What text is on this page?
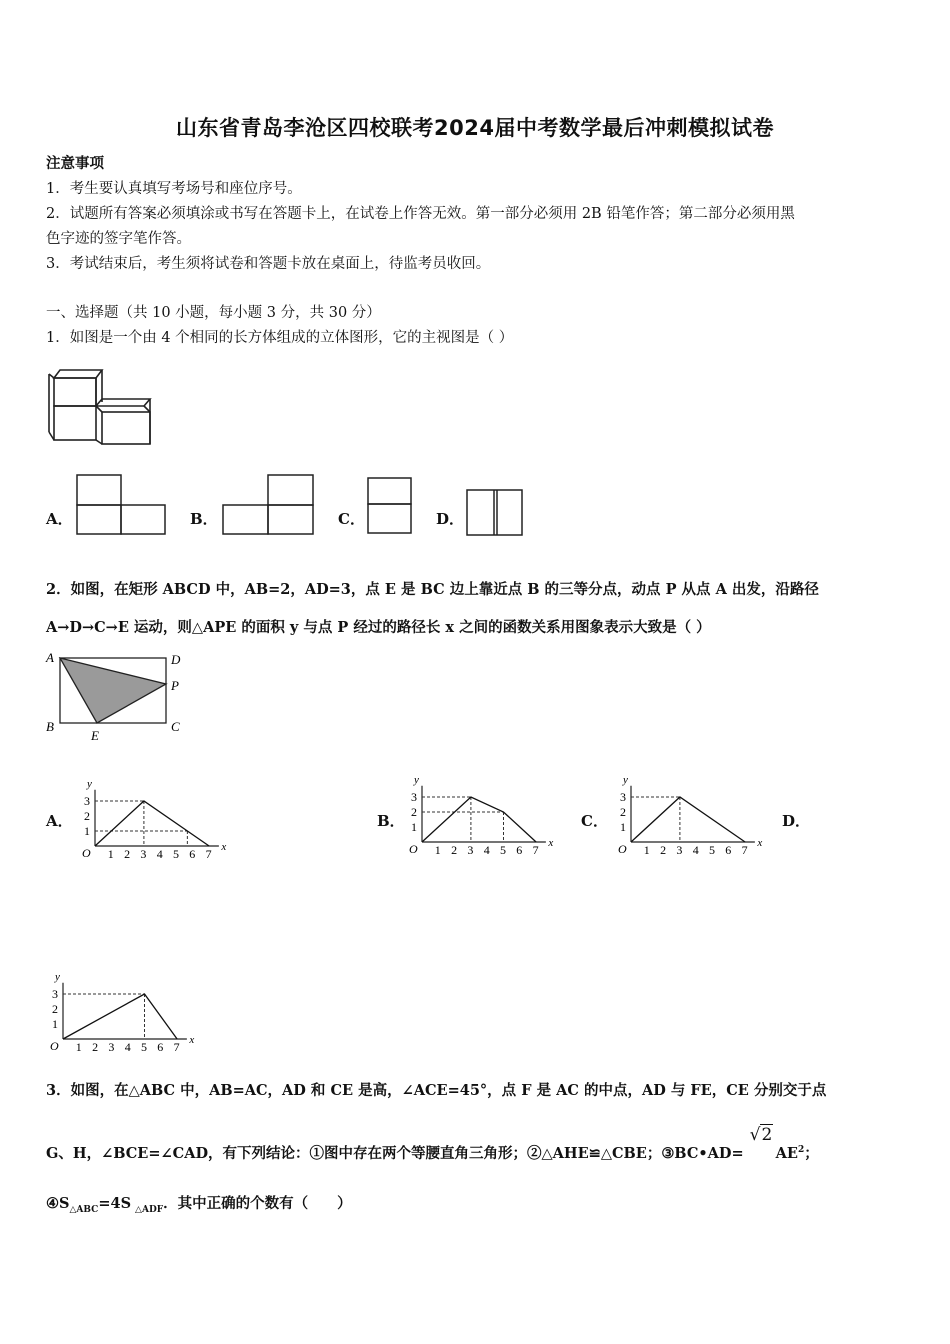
山东省青岛李沧区四校联考2024届中考数学最后冲刺模拟试卷
注意事项
1．考生要认真填写考场号和座位序号。
2．试题所有答案必须填涂或书写在答题卡上，在试卷上作答无效。第一部分必须用 2B 铅笔作答；第二部分必须用黑
色字迹的签字笔作答。
3．考试结束后，考生须将试卷和答题卡放在桌面上，待监考员收回。
一、选择题（共 10 小题，每小题 3 分，共 30 分）
1．如图是一个由 4 个相同的长方体组成的立体图形，它的主视图是（ ）
A．	B．	C．	D．
2．如图，在矩形 ABCD 中，AB=2，AD=3，点 E 是 BC 边上靠近点 B 的三等分点，动点 P 从点 A 出发，沿路径
A→D→C→E 运动，则△APE 的面积 y 与点 P 经过的路径长 x 之间的函数关系用图象表示大致是（ ）
A	D
P
B	C
E
A．	B．	C．	D．
y
x
O 1 2 3 4 5 6 7
1
2
3
y
x
O 1 2 3 4 5 6 7
1
2
3
y
x
O 1 2 3 4 5 6 7
1
2
3
y
x
O 1 2 3 4 5 6 7
1
2
3
3．如图，在△ABC 中，AB=AC，AD 和 CE 是高，∠ACE=45°，点 F 是 AC 的中点，AD 与 FE，CE 分别交于点
G、H，∠BCE=∠CAD，有下列结论：①图中存在两个等腰直角三角形；②△AHE≌△CBE；③BC•AD=
√2
$AE^2$；
$④S_{\triangle ABC}=4S$ $_{\triangle ADF}$．其中正确的个数有（　　）
